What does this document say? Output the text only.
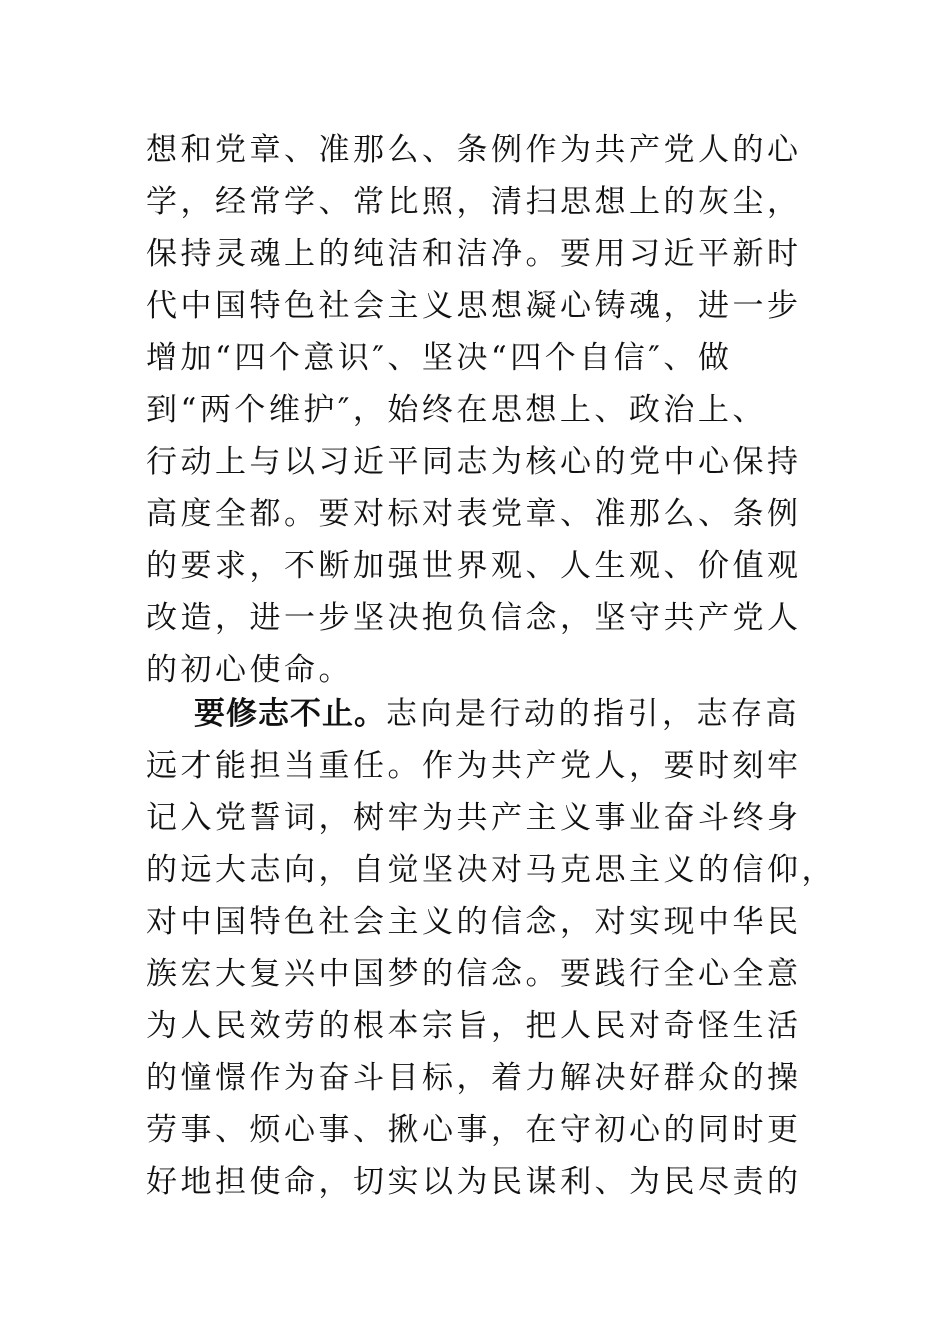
想和党章、准那么、条例作为共产党人的心
学，经常学、常比照，清扫思想上的灰尘，
保持灵魂上的纯洁和洁净。要用习近平新时
代中国特色社会主义思想凝心铸魂，进一步
增加“四个意识″、坚决“四个自信″、做
到“两个维护″，始终在思想上、政治上、
行动上与以习近平同志为核心的党中心保持
高度全都。要对标对表党章、准那么、条例
的要求，不断加强世界观、人生观、价值观
改造，进一步坚决抱负信念，坚守共产党人
的初心使命。
要修志不止。志向是行动的指引，志存高
远才能担当重任。作为共产党人，要时刻牢
记入党誓词，树牢为共产主义事业奋斗终身
的远大志向，自觉坚决对马克思主义的信仰，
对中国特色社会主义的信念，对实现中华民
族宏大复兴中国梦的信念。要践行全心全意
为人民效劳的根本宗旨，把人民对奇怪生活
的憧憬作为奋斗目标，着力解决好群众的操
劳事、烦心事、揪心事，在守初心的同时更
好地担使命，切实以为民谋利、为民尽责的
